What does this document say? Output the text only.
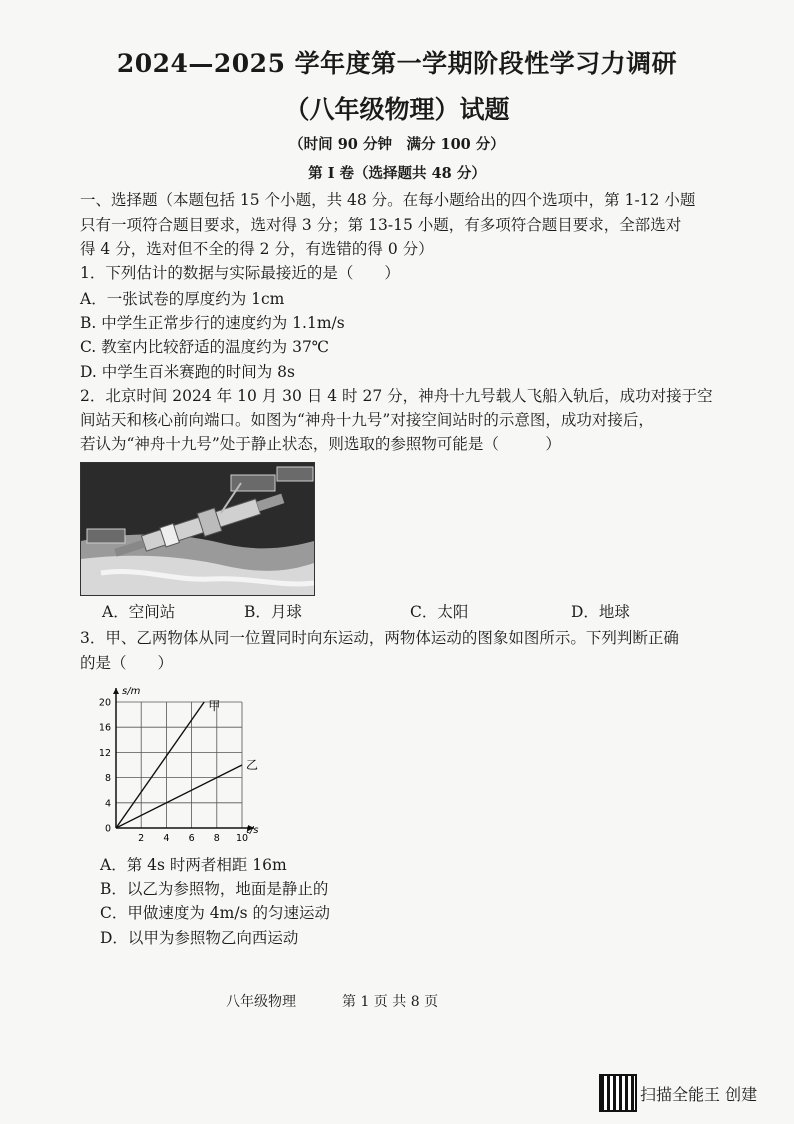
2024—2025 学年度第一学期阶段性学习力调研
（八年级物理）试题
（时间 90 分钟　满分 100 分）
第 I 卷（选择题共 48 分）
一、选择题（本题包括 15 个小题，共 48 分。在每小题给出的四个选项中，第 1-12 小题
只有一项符合题目要求，选对得 3 分；第 13-15 小题，有多项符合题目要求，全部选对
得 4 分，选对但不全的得 2 分，有选错的得 0 分）
1．下列估计的数据与实际最接近的是（　　）
A．一张试卷的厚度约为 1cm
B. 中学生正常步行的速度约为 1.1m/s
C. 教室内比较舒适的温度约为 37℃
D. 中学生百米赛跑的时间为 8s
2．北京时间 2024 年 10 月 30 日 4 时 27 分，神舟十九号载人飞船入轨后，成功对接于空
间站天和核心前向端口。如图为“神舟十九号”对接空间站时的示意图，成功对接后，
若认为“神舟十九号”处于静止状态，则选取的参照物可能是（　　　）
A．空间站	B．月球	C．太阳	D．地球
3．甲、乙两物体从同一位置同时向东运动，两物体运动的图象如图所示。下列判断正确
的是（　　）
s/m
t/s
2 4 6 8 10
0
4
8
12
16
20	甲
乙
A．第 4s 时两者相距 16m
B．以乙为参照物，地面是静止的
C．甲做速度为 4m/s 的匀速运动
D．以甲为参照物乙向西运动
八年级物理	第 1 页 共 8 页
扫描全能王 创建
